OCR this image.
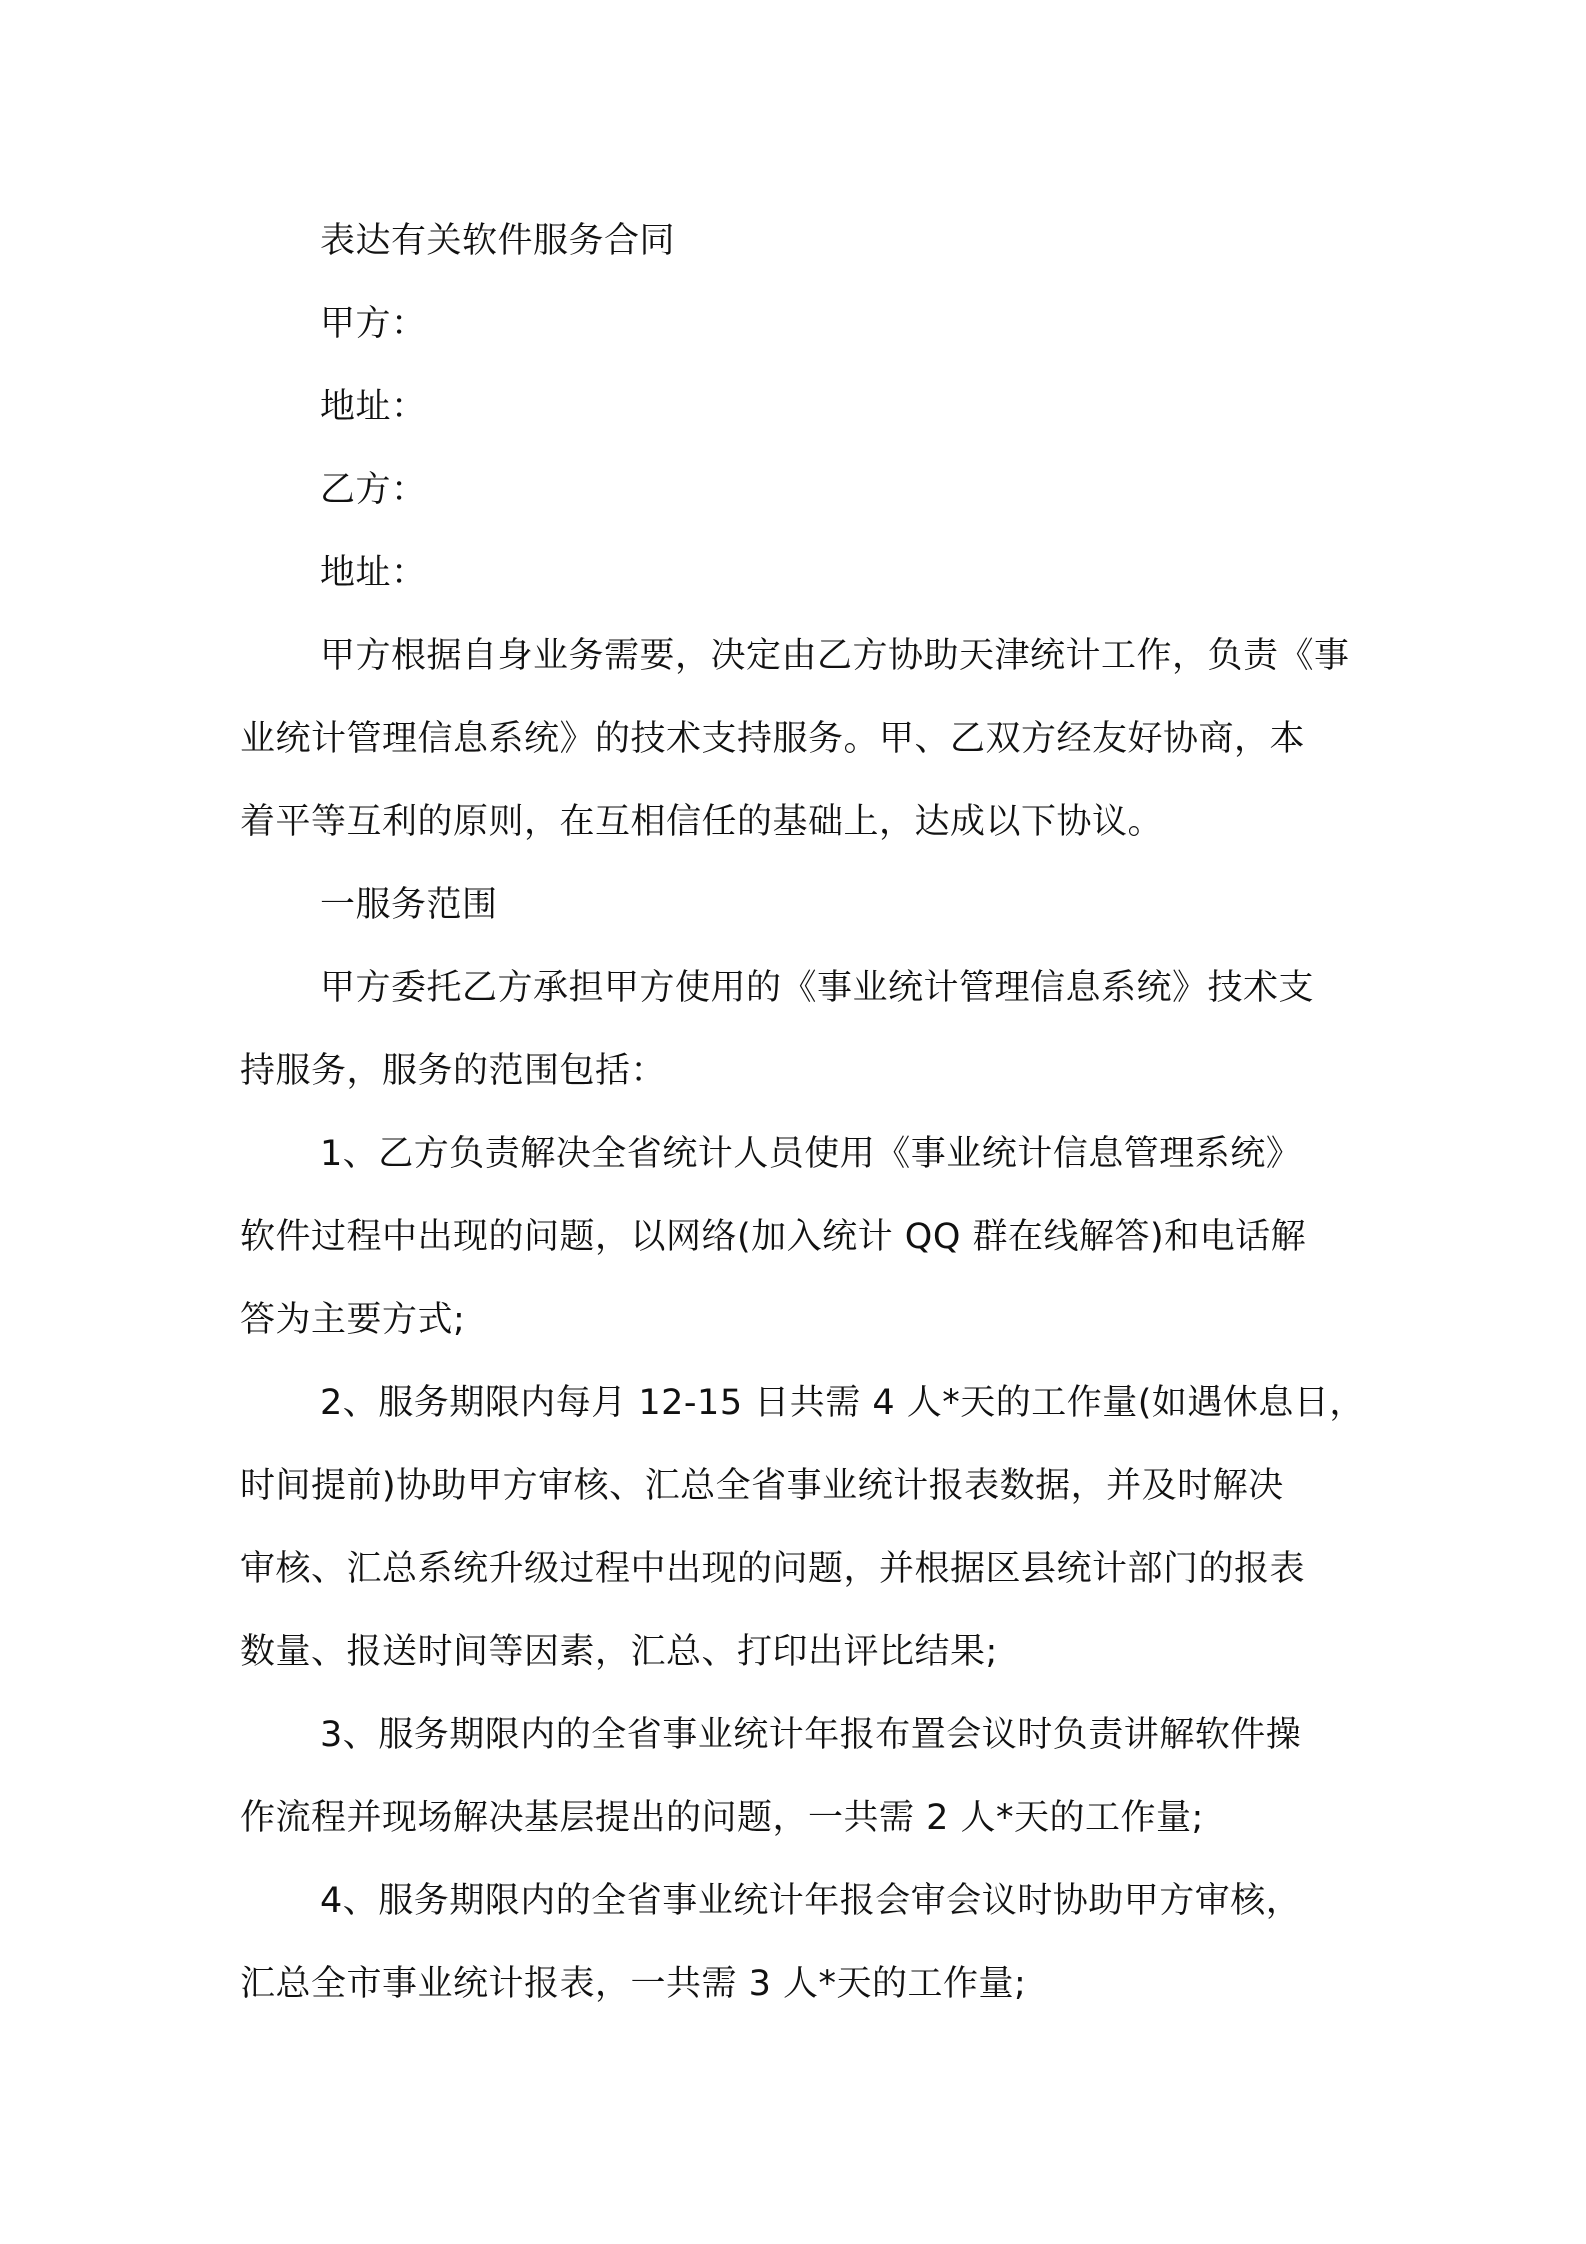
表达有关软件服务合同
甲方：
地址：
乙方：
地址：
甲方根据自身业务需要，决定由乙方协助天津统计工作，负责《事
业统计管理信息系统》的技术支持服务。甲、乙双方经友好协商，本
着平等互利的原则，在互相信任的基础上，达成以下协议。
一服务范围
甲方委托乙方承担甲方使用的《事业统计管理信息系统》技术支
持服务，服务的范围包括：
1、乙方负责解决全省统计人员使用《事业统计信息管理系统》
软件过程中出现的问题，以网络(加入统计 QQ 群在线解答)和电话解
答为主要方式;
2、服务期限内每月 12-15 日共需 4 人*天的工作量(如遇休息日，
时间提前)协助甲方审核、汇总全省事业统计报表数据，并及时解决
审核、汇总系统升级过程中出现的问题，并根据区县统计部门的报表
数量、报送时间等因素，汇总、打印出评比结果;
3、服务期限内的全省事业统计年报布置会议时负责讲解软件操
作流程并现场解决基层提出的问题，一共需 2 人*天的工作量;
4、服务期限内的全省事业统计年报会审会议时协助甲方审核，
汇总全市事业统计报表，一共需 3 人*天的工作量;
